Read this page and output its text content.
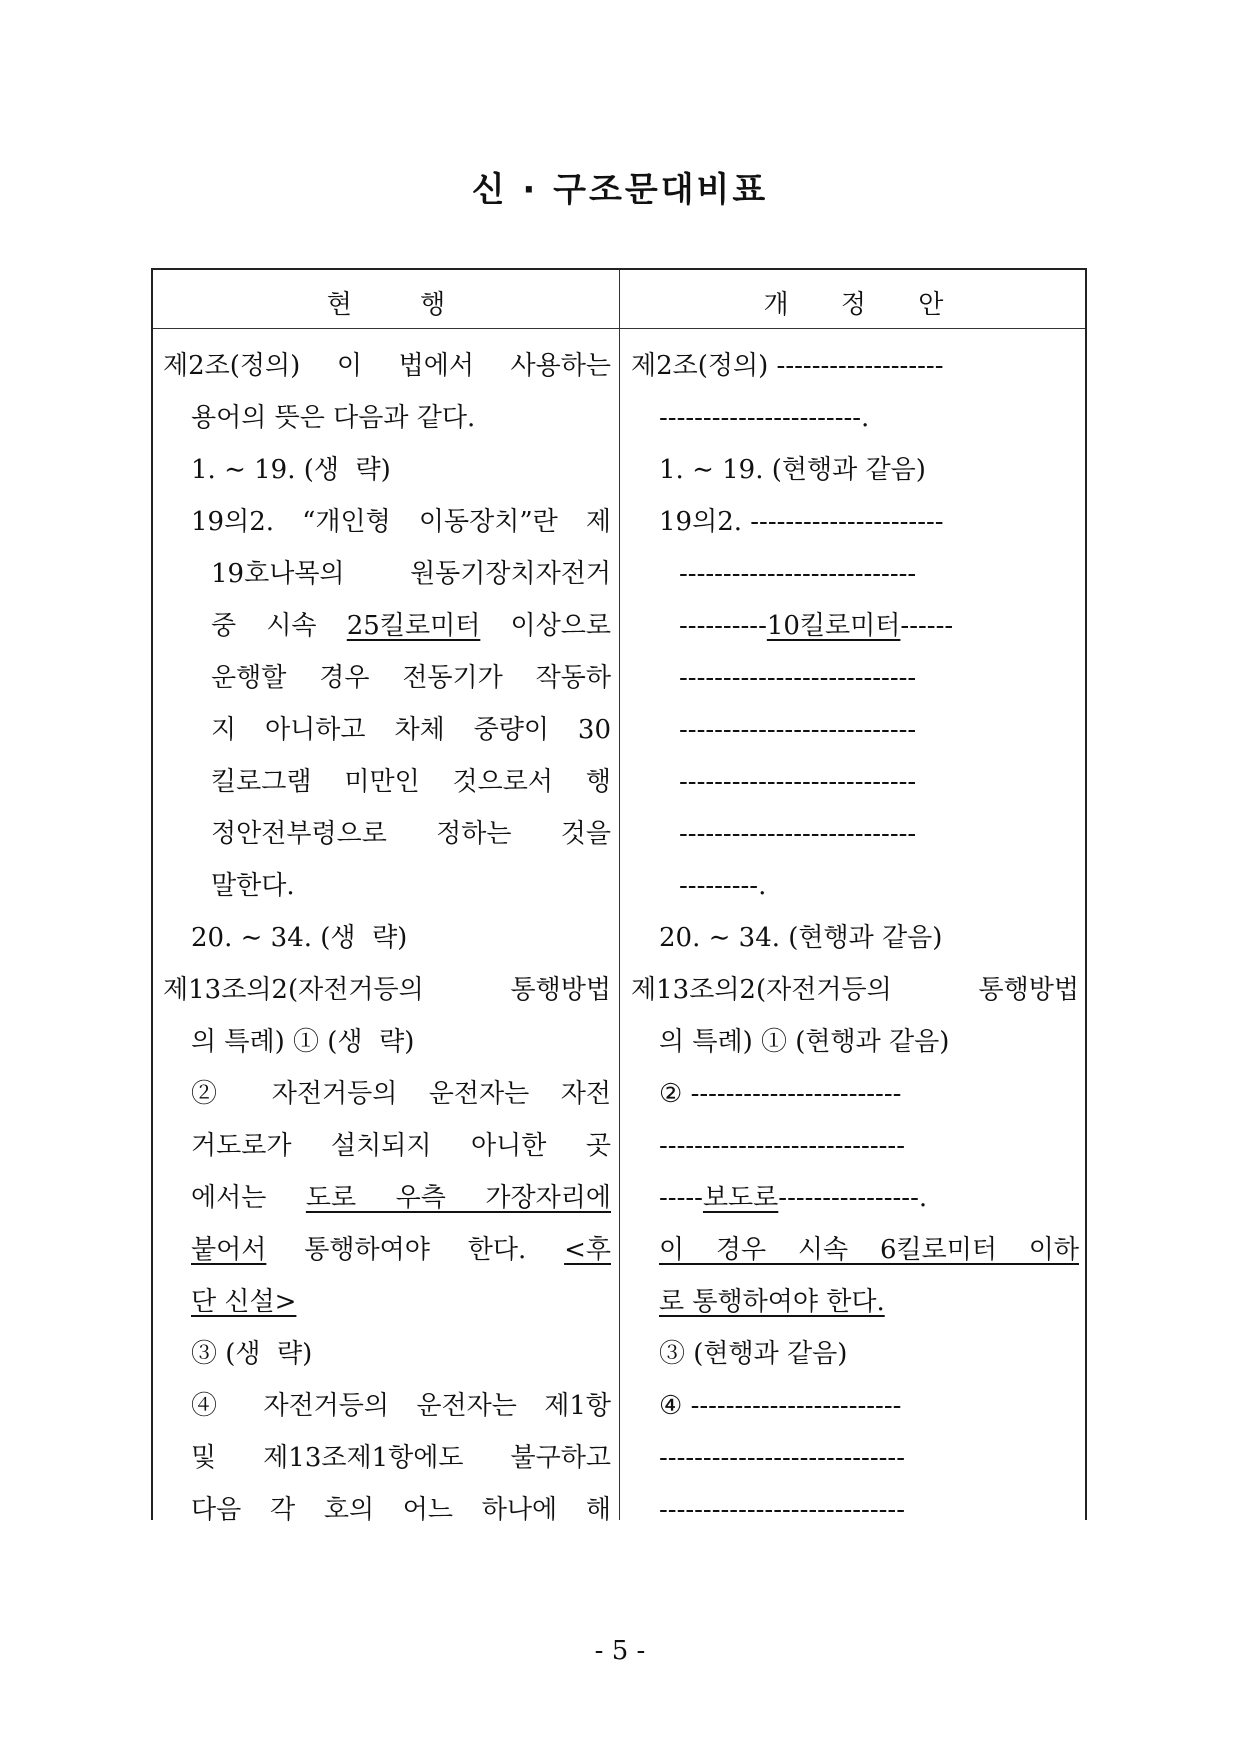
신 · 구조문대비표
현 행	개 정 안
제2조(정의) 이 법에서 사용하는
용어의 뜻은 다음과 같다.
1. ∼ 19. (생  략)
19의2. “개인형 이동장치”란 제
19호나목의 원동기장치자전거
중 시속 25킬로미터 이상으로
운행할 경우 전동기가 작동하
지 아니하고 차체 중량이 30
킬로그램 미만인 것으로서 행
정안전부령으로 정하는 것을
말한다.
20. ∼ 34. (생  략)
제13조의2(자전거등의  통행방법
의 특례) ① (생  략)
② 자전거등의 운전자는 자전
거도로가 설치되지 아니한 곳
에서는 도로 우측 가장자리에
붙어서 통행하여야 한다. <후
단 신설>
③ (생  략)
④ 자전거등의 운전자는 제1항
및 제13조제1항에도 불구하고
다음 각 호의 어느 하나에 해
제2조(정의) -------------------
-----------------------.
1. ∼ 19. (현행과 같음)
19의2. ----------------------
---------------------------
----------10킬로미터------
---------------------------
---------------------------
---------------------------
---------------------------
---------.
20. ∼ 34. (현행과 같음)
제13조의2(자전거등의  통행방법
의 특례) ① (현행과 같음)
② ------------------------
----------------------------
-----보도로----------------.
이 경우 시속 6킬로미터 이하
로 통행하여야 한다.
③ (현행과 같음)
④ ------------------------
----------------------------
----------------------------
- 5 -
